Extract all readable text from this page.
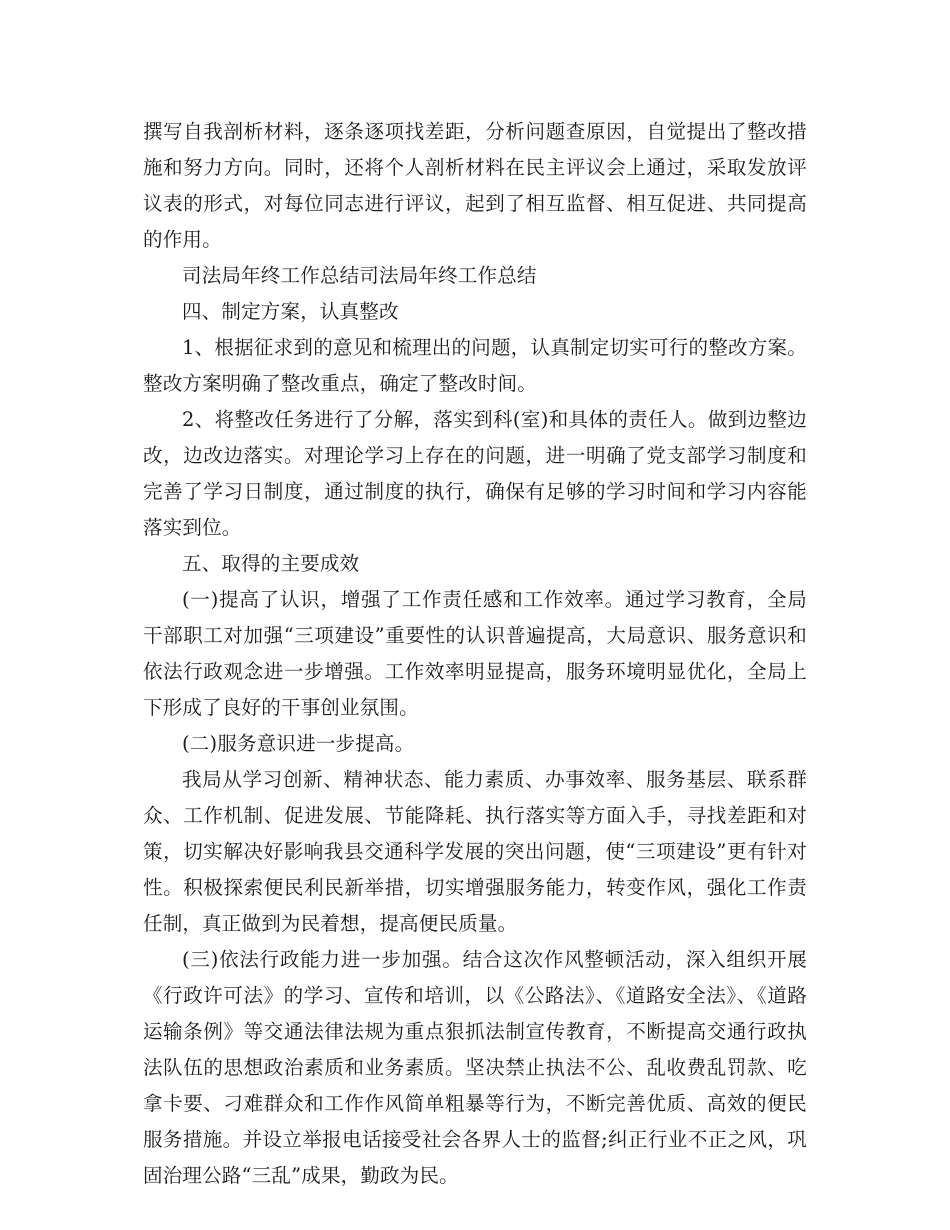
撰写自我剖析材料，逐条逐项找差距，分析问题查原因，自觉提出了整改措施和努力方向。同时，还将个人剖析材料在民主评议会上通过，采取发放评议表的形式，对每位同志进行评议，起到了相互监督、相互促进、共同提高的作用。

司法局年终工作总结司法局年终工作总结

四、制定方案，认真整改

1、根据征求到的意见和梳理出的问题，认真制定切实可行的整改方案。整改方案明确了整改重点，确定了整改时间。

2、将整改任务进行了分解，落实到科(室)和具体的责任人。做到边整边改，边改边落实。对理论学习上存在的问题，进一明确了党支部学习制度和完善了学习日制度，通过制度的执行，确保有足够的学习时间和学习内容能落实到位。

五、取得的主要成效

(一)提高了认识，增强了工作责任感和工作效率。通过学习教育，全局干部职工对加强“三项建设”重要性的认识普遍提高，大局意识、服务意识和依法行政观念进一步增强。工作效率明显提高，服务环境明显优化，全局上下形成了良好的干事创业氛围。

(二)服务意识进一步提高。

我局从学习创新、精神状态、能力素质、办事效率、服务基层、联系群众、工作机制、促进发展、节能降耗、执行落实等方面入手，寻找差距和对策，切实解决好影响我县交通科学发展的突出问题，使“三项建设”更有针对性。积极探索便民利民新举措，切实增强服务能力，转变作风，强化工作责任制，真正做到为民着想，提高便民质量。

(三)依法行政能力进一步加强。结合这次作风整顿活动，深入组织开展《行政许可法》的学习、宣传和培训，以《公路法》、《道路安全法》、《道路运输条例》等交通法律法规为重点狠抓法制宣传教育，不断提高交通行政执法队伍的思想政治素质和业务素质。坚决禁止执法不公、乱收费乱罚款、吃拿卡要、刁难群众和工作作风简单粗暴等行为，不断完善优质、高效的便民服务措施。并设立举报电话接受社会各界人士的监督;纠正行业不正之风，巩固治理公路“三乱”成果，勤政为民。
